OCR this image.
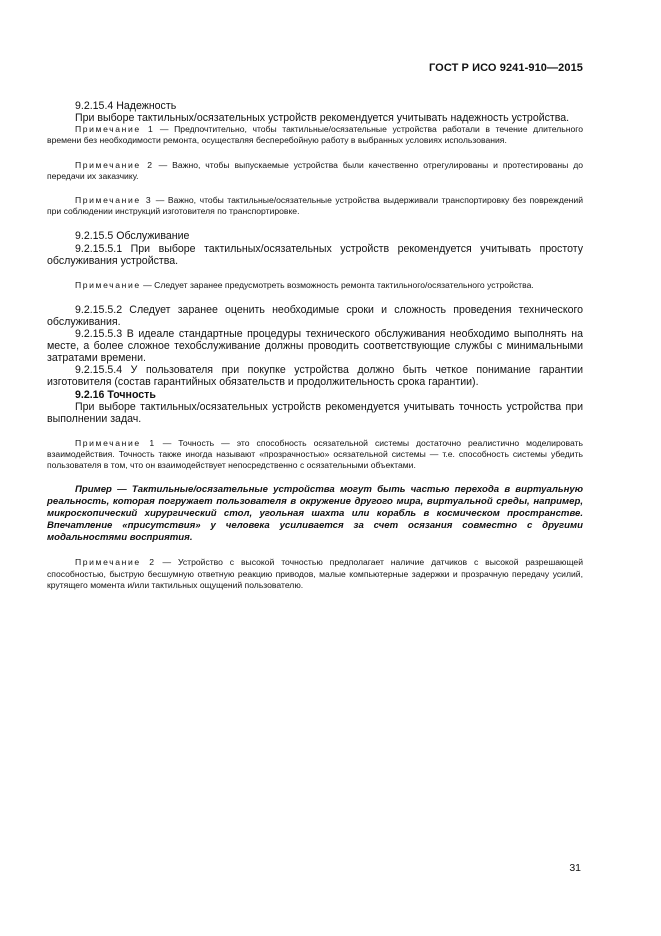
ГОСТ Р ИСО 9241-910—2015

9.2.15.4 Надежность

При выборе тактильных/осязательных устройств рекомендуется учитывать надежность устройства.

Примечание 1 — Предпочтительно, чтобы тактильные/осязательные устройства работали в течение длительного времени без необходимости ремонта, осуществляя бесперебойную работу в выбранных условиях использования.

Примечание 2 — Важно, чтобы выпускаемые устройства были качественно отрегулированы и протестированы до передачи их заказчику.

Примечание 3 — Важно, чтобы тактильные/осязательные устройства выдерживали транспортировку без повреждений при соблюдении инструкций изготовителя по транспортировке.

9.2.15.5 Обслуживание

9.2.15.5.1 При выборе тактильных/осязательных устройств рекомендуется учитывать простоту обслуживания устройства.

Примечание — Следует заранее предусмотреть возможность ремонта тактильного/осязательного устройства.

9.2.15.5.2 Следует заранее оценить необходимые сроки и сложность проведения технического обслуживания.

9.2.15.5.3 В идеале стандартные процедуры технического обслуживания необходимо выполнять на месте, а более сложное техобслуживание должны проводить соответствующие службы с минимальными затратами времени.

9.2.15.5.4 У пользователя при покупке устройства должно быть четкое понимание гарантии изготовителя (состав гарантийных обязательств и продолжительность срока гарантии).

9.2.16 Точность

При выборе тактильных/осязательных устройств рекомендуется учитывать точность устройства при выполнении задач.

Примечание 1 — Точность — это способность осязательной системы достаточно реалистично моделировать взаимодействия. Точность также иногда называют «прозрачностью» осязательной системы — т.е. способность системы убедить пользователя в том, что он взаимодействует непосредственно с осязательными объектами.

Пример — Тактильные/осязательные устройства могут быть частью перехода в виртуальную реальность, которая погружает пользователя в окружение другого мира, виртуальной среды, например, микроскопический хирургический стол, угольная шахта или корабль в космическом пространстве. Впечатление «присутствия» у человека усиливается за счет осязания совместно с другими модальностями восприятия.

Примечание 2 — Устройство с высокой точностью предполагает наличие датчиков с высокой разрешающей способностью, быструю бесшумную ответную реакцию приводов, малые компьютерные задержки и прозрачную передачу усилий, крутящего момента и/или тактильных ощущений пользователю.

31
